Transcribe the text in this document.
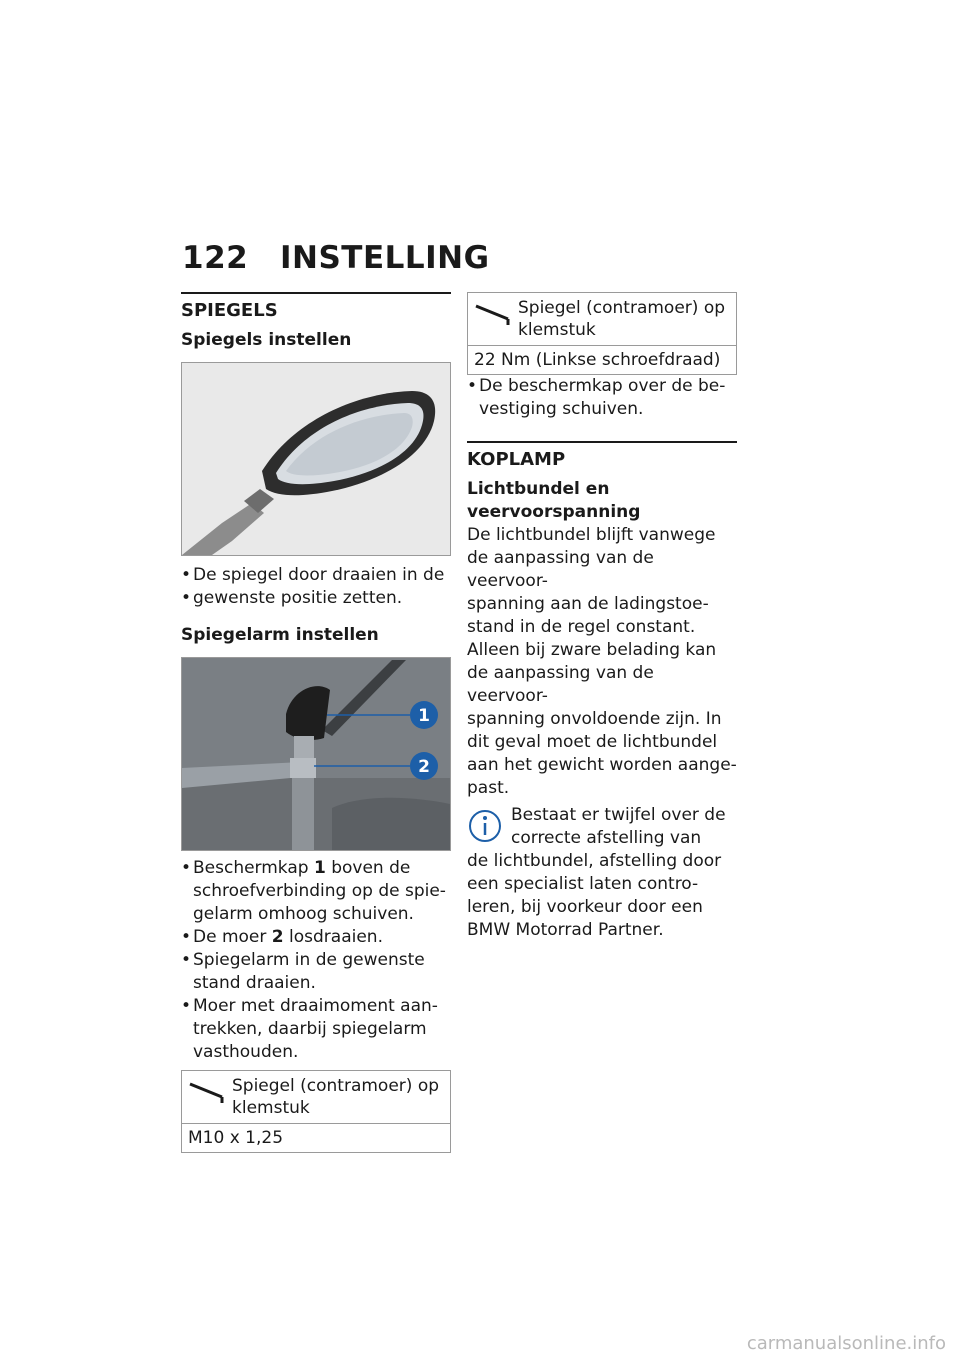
122 INSTELLING
SPIEGELS
Spiegels instellen

• De spiegel door draaien in de

• gewenste positie zetten.

Spiegelarm instellen
1
2

• Beschermkap 1 boven de

schroefverbinding op de spie-

gelarm omhoog schuiven.

• De moer 2 losdraaien.

• Spiegelarm in de gewenste

stand draaien.

• Moer met draaimoment aan-

trekken, daarbij spiegelarm

vasthouden.

Spiegel (contramoer) op
klemstuk
M10 x 1,25
Spiegel (contramoer) op
klemstuk
22 Nm (Linkse schroefdraad)

• De beschermkap over de be-

vestiging schuiven.

KOPLAMP
Lichtbundel en
veervoorspanning

De lichtbundel blijft vanwege

de aanpassing van de veervoor-

spanning aan de ladingstoe-

stand in de regel constant.

Alleen bij zware belading kan

de aanpassing van de veervoor-

spanning onvoldoende zijn. In

dit geval moet de lichtbundel

aan het gewicht worden aange-

past.

Bestaat er twijfel over de

correcte afstelling van

de lichtbundel, afstelling door

een specialist laten contro-

leren, bij voorkeur door een

BMW Motorrad Partner.

carmanualsonline.info
